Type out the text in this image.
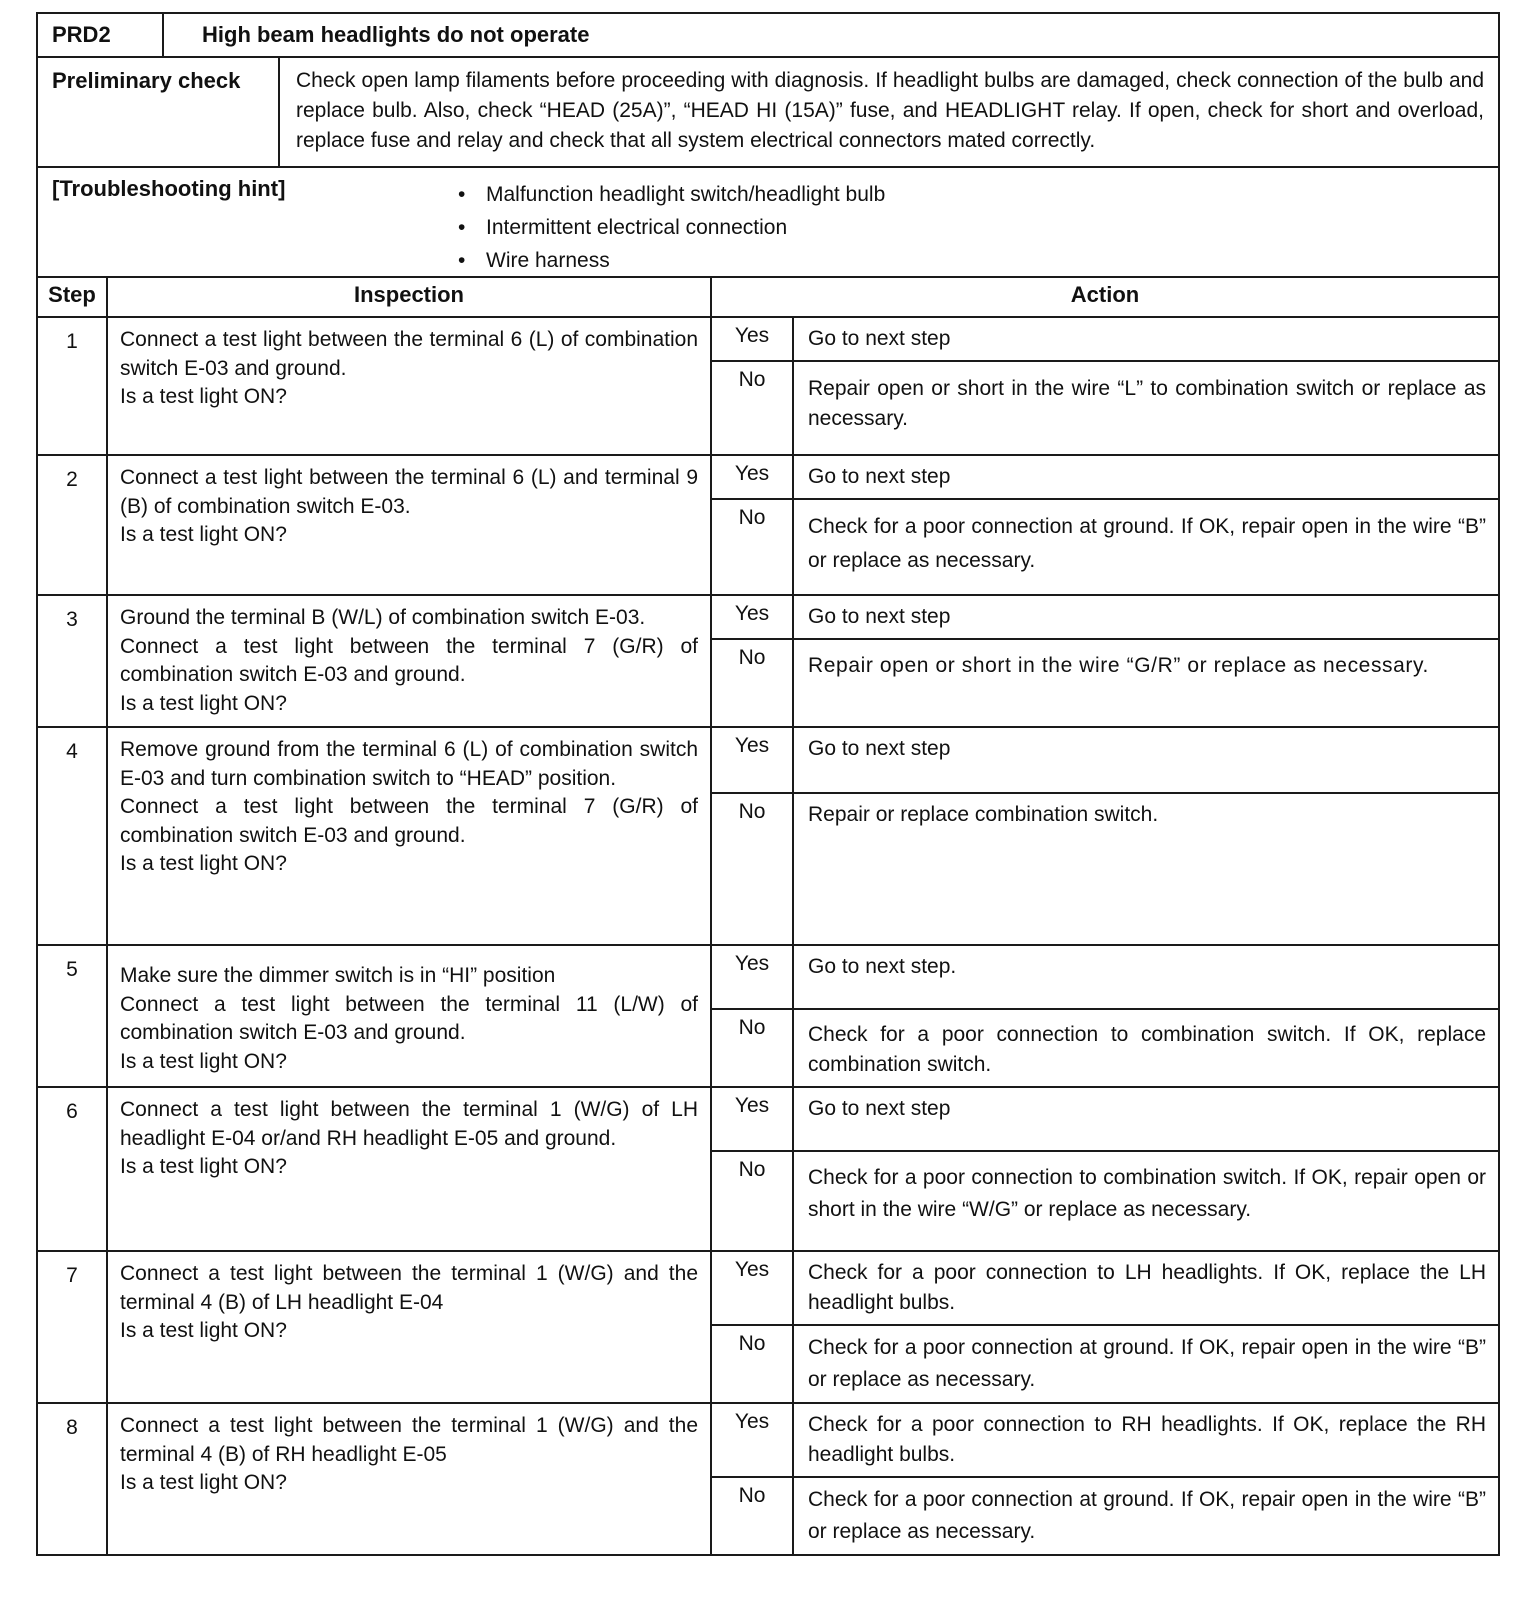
PRD2	High beam headlights do not operate
Preliminary check	Check open lamp filaments before proceeding with diagnosis. If headlight bulbs are damaged, check connection of the bulb and replace bulb. Also, check “HEAD (25A)”, “HEAD HI (15A)” fuse, and HEADLIGHT relay. If open, check for short and overload, replace fuse and relay and check that all system electrical connectors mated correctly.
[Troubleshooting hint]	• Malfunction headlight switch/headlight bulb
• Intermittent electrical connection
• Wire harness
Step	Inspection	Action	
1	Connect a test light between the terminal 6 (L) of combination switch E-03 and ground.
Is a test light ON?	Yes	Go to next step
		No	Repair open or short in the wire “L” to combination switch or replace as necessary.
2	Connect a test light between the terminal 6 (L) and terminal 9 (B) of combination switch E-03.
Is a test light ON?	Yes	Go to next step
		No	Check for a poor connection at ground. If OK, repair open in the wire “B” or replace as necessary.
3	Ground the terminal B (W/L) of combination switch E-03.
Connect a test light between the terminal 7 (G/R) of combination switch E-03 and ground.
Is a test light ON?	Yes	Go to next step
		No	Repair open or short in the wire “G/R” or replace as necessary.
4	Remove ground from the terminal 6 (L) of combination switch E-03 and turn combination switch to “HEAD” position.
Connect a test light between the terminal 7 (G/R) of combination switch E-03 and ground.
Is a test light ON?	Yes	Go to next step
		No	Repair or replace combination switch.
5	Make sure the dimmer switch is in “HI” position
Connect a test light between the terminal 11 (L/W) of combination switch E-03 and ground.
Is a test light ON?	Yes	Go to next step.
		No	Check for a poor connection to combination switch. If OK, replace combination switch.
6	Connect a test light between the terminal 1 (W/G) of LH headlight E-04 or/and RH headlight E-05 and ground.
Is a test light ON?	Yes	Go to next step
		No	Check for a poor connection to combination switch. If OK, repair open or short in the wire “W/G” or replace as necessary.
7	Connect a test light between the terminal 1 (W/G) and the terminal 4 (B) of LH headlight E-04
Is a test light ON?	Yes	Check for a poor connection to LH headlights. If OK, replace the LH headlight bulbs.
		No	Check for a poor connection at ground. If OK, repair open in the wire “B” or replace as necessary.
8	Connect a test light between the terminal 1 (W/G) and the terminal 4 (B) of RH headlight E-05
Is a test light ON?	Yes	Check for a poor connection to RH headlights. If OK, replace the RH headlight bulbs.
		No	Check for a poor connection at ground. If OK, repair open in the wire “B” or replace as necessary.
